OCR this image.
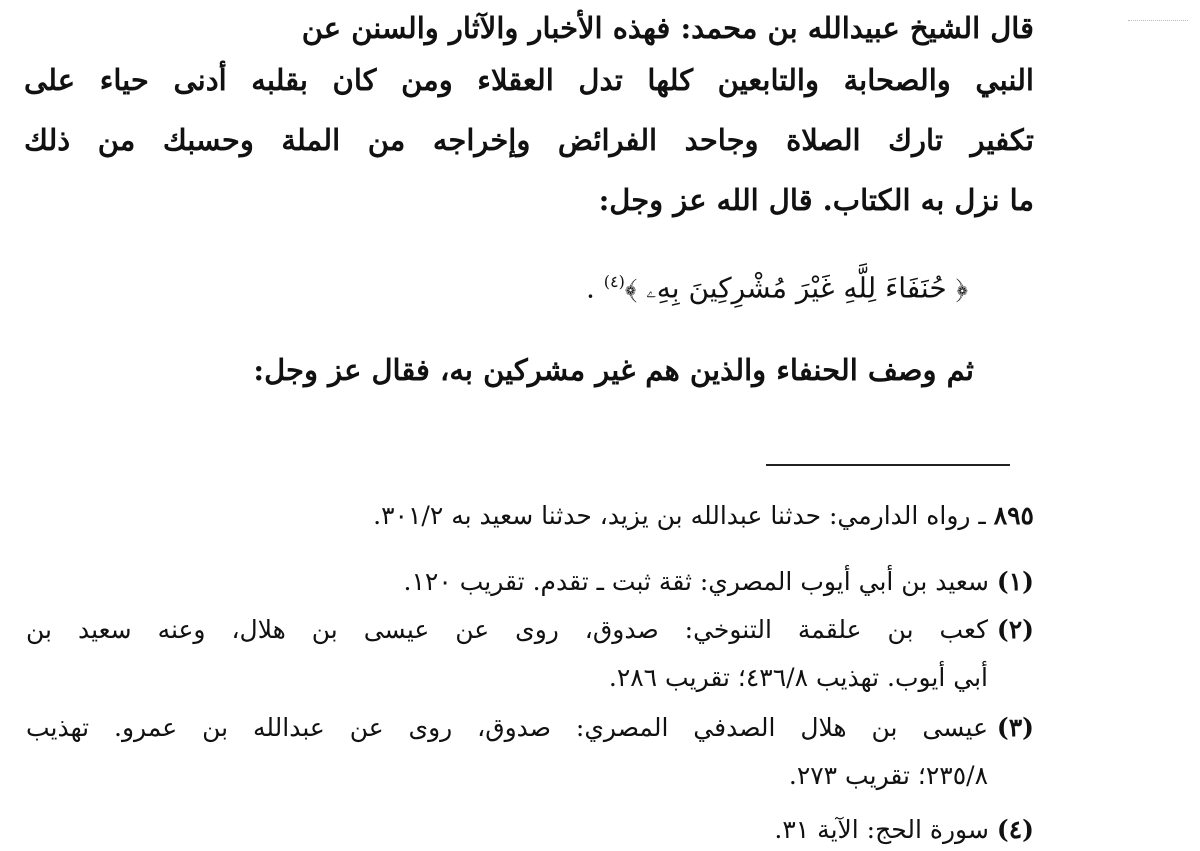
قال الشيخ عبيدالله بن محمد: فهذه الأخبار والآثار والسنن عن
النبي والصحابة والتابعين كلها تدل العقلاء ومن كان بقلبه أدنى حياء على
تكفير تارك الصلاة وجاحد الفرائض وإخراجه من الملة وحسبك من ذلك
ما نزل به الكتاب. قال الله عز وجل:
﴿ حُنَفَاءَ لِلَّهِ غَيْرَ مُشْرِكِينَ بِهِۦ ﴾$^{(٤)}$ .
ثم وصف الحنفاء والذين هم غير مشركين به، فقال عز وجل:
٨٩٥ ـ رواه الدارمي: حدثنا عبدالله بن يزيد، حدثنا سعيد به ٣٠١/٢.
(١) سعيد بن أبي أيوب المصري: ثقة ثبت ـ تقدم. تقريب ١٢٠.
(٢)
كعب بن علقمة التنوخي: صدوق، روى عن عيسى بن هلال، وعنه سعيد بن
أبي أيوب. تهذيب ٤٣٦/٨؛ تقريب ٢٨٦.
(٣)
عيسى بن هلال الصدفي المصري: صدوق، روى عن عبدالله بن عمرو. تهذيب
٢٣٥/٨؛ تقريب ٢٧٣.
(٤) سورة الحج: الآية ٣١.
